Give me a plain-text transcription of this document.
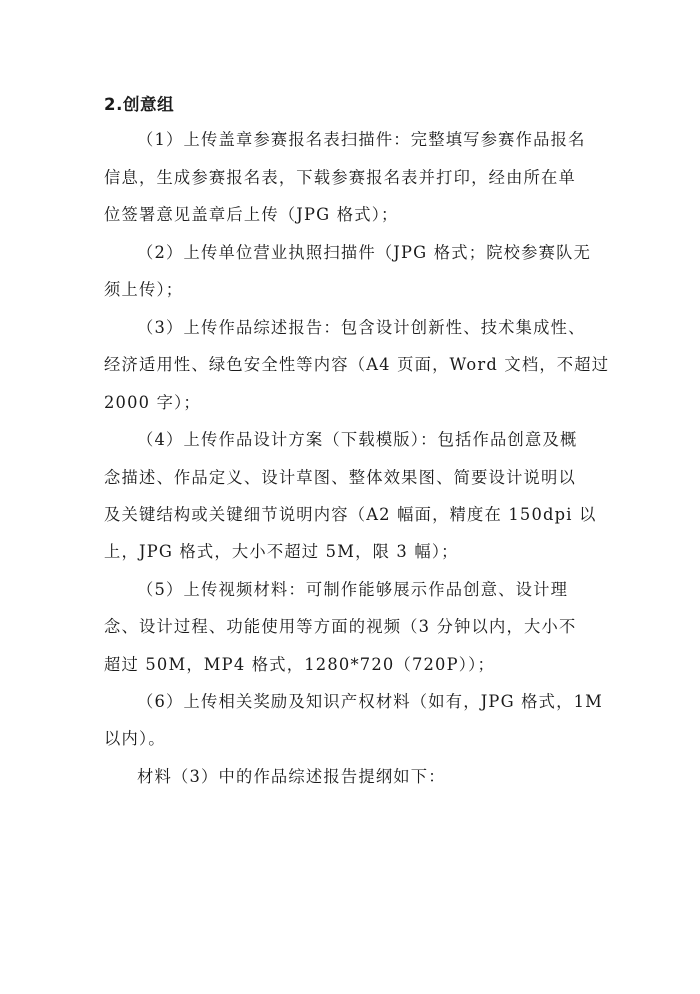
2.创意组
（1）上传盖章参赛报名表扫描件：完整填写参赛作品报名
信息，生成参赛报名表，下载参赛报名表并打印，经由所在单
位签署意见盖章后上传（JPG 格式）；
（2）上传单位营业执照扫描件（JPG 格式；院校参赛队无
须上传）；
（3）上传作品综述报告：包含设计创新性、技术集成性、
经济适用性、绿色安全性等内容（A4 页面，Word 文档，不超过
2000 字）；
（4）上传作品设计方案（下载模版）：包括作品创意及概
念描述、作品定义、设计草图、整体效果图、简要设计说明以
及关键结构或关键细节说明内容（A2 幅面，精度在 150dpi 以
上，JPG 格式，大小不超过 5M，限 3 幅）；
（5）上传视频材料：可制作能够展示作品创意、设计理
念、设计过程、功能使用等方面的视频（3 分钟以内，大小不
超过 50M，MP4 格式，1280*720（720P））；
（6）上传相关奖励及知识产权材料（如有，JPG 格式，1M
以内）。
材料（3）中的作品综述报告提纲如下：
